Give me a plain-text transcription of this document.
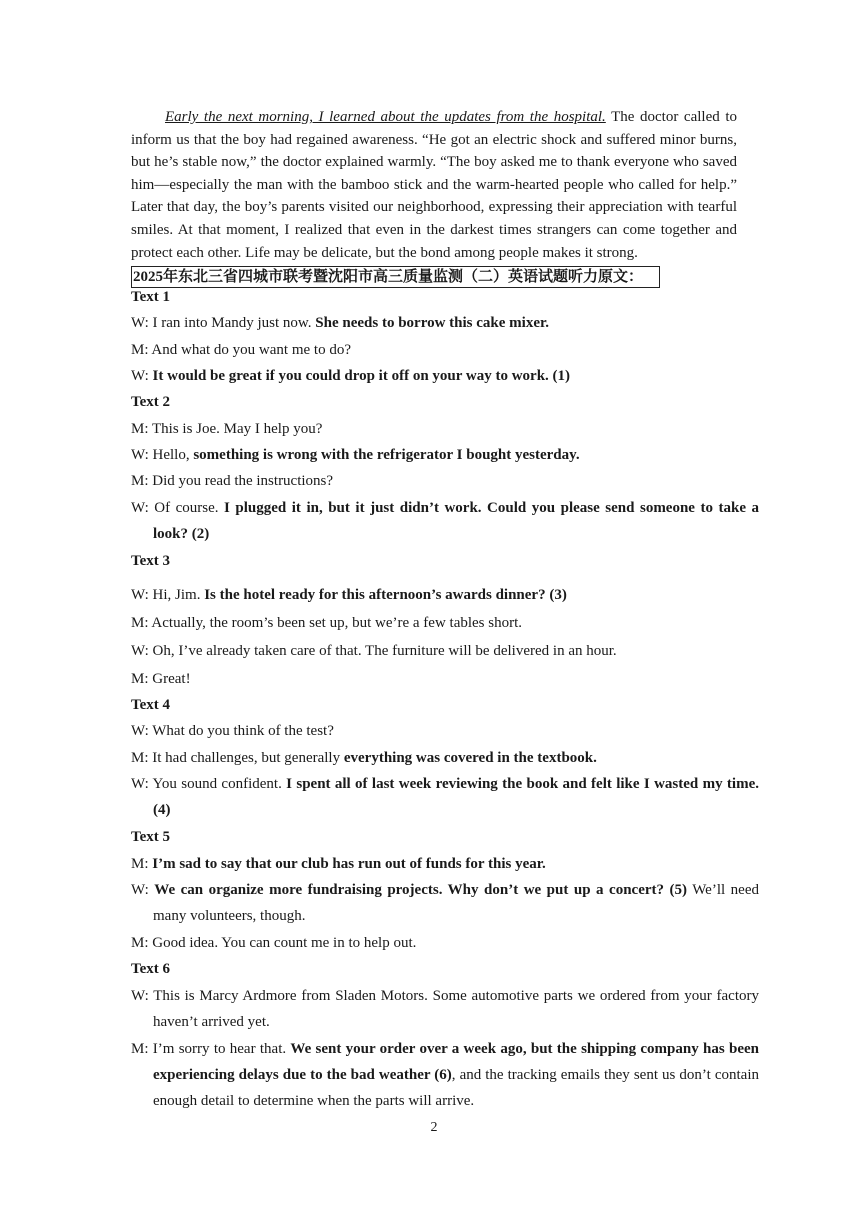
Early the next morning, I learned about the updates from the hospital. The doctor called to inform us that the boy had regained awareness. “He got an electric shock and suffered minor burns, but he’s stable now,” the doctor explained warmly. “The boy asked me to thank everyone who saved him—especially the man with the bamboo stick and the warm-hearted people who called for help.” Later that day, the boy’s parents visited our neighborhood, expressing their appreciation with tearful smiles. At that moment, I realized that even in the darkest times strangers can come together and protect each other. Life may be delicate, but the bond among people makes it strong.
2025年东北三省四城市联考暨沈阳市高三质量监测（二）英语试题听力原文：
Text 1
W: I ran into Mandy just now. She needs to borrow this cake mixer.
M: And what do you want me to do?
W: It would be great if you could drop it off on your way to work. (1)
Text 2
M: This is Joe. May I help you?
W: Hello, something is wrong with the refrigerator I bought yesterday.
M: Did you read the instructions?
W: Of course. I plugged it in, but it just didn’t work. Could you please send someone to take a look? (2)
Text 3
W: Hi, Jim. Is the hotel ready for this afternoon’s awards dinner? (3)
M: Actually, the room’s been set up, but we’re a few tables short.
W: Oh, I’ve already taken care of that. The furniture will be delivered in an hour.
M: Great!
Text 4
W: What do you think of the test?
M: It had challenges, but generally everything was covered in the textbook.
W: You sound confident. I spent all of last week reviewing the book and felt like I wasted my time. (4)
Text 5
M: I’m sad to say that our club has run out of funds for this year.
W: We can organize more fundraising projects. Why don’t we put up a concert? (5) We’ll need many volunteers, though.
M: Good idea. You can count me in to help out.
Text 6
W: This is Marcy Ardmore from Sladen Motors. Some automotive parts we ordered from your factory haven’t arrived yet.
M: I’m sorry to hear that. We sent your order over a week ago, but the shipping company has been experiencing delays due to the bad weather (6), and the tracking emails they sent us don’t contain enough detail to determine when the parts will arrive.
2
